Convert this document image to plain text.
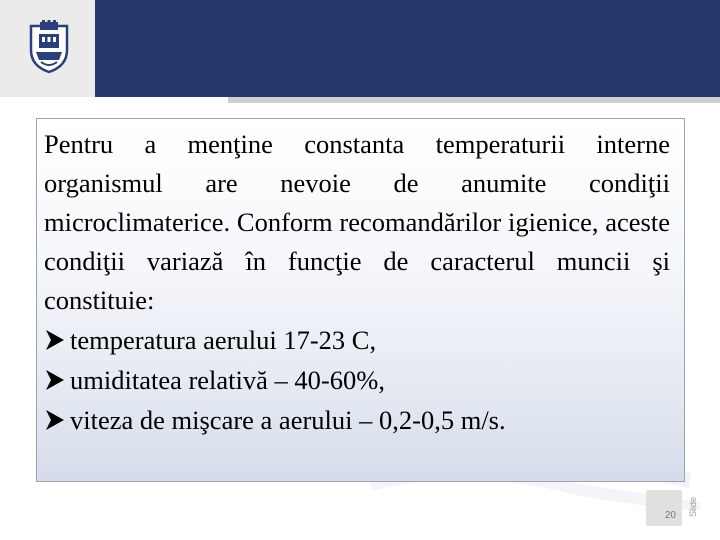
Pentru a menţine constanta temperaturii interne organismul are nevoie de anumite condiţii microclimaterice. Conform recomandărilor igienice, aceste condiţii variază în funcţie de caracterul muncii şi constituie:

temperatura aerului 17-23 C,
umiditatea relativă – 40-60%,
viteza de mişcare a aerului – 0,2-0,5 m/s.
20 Slide
